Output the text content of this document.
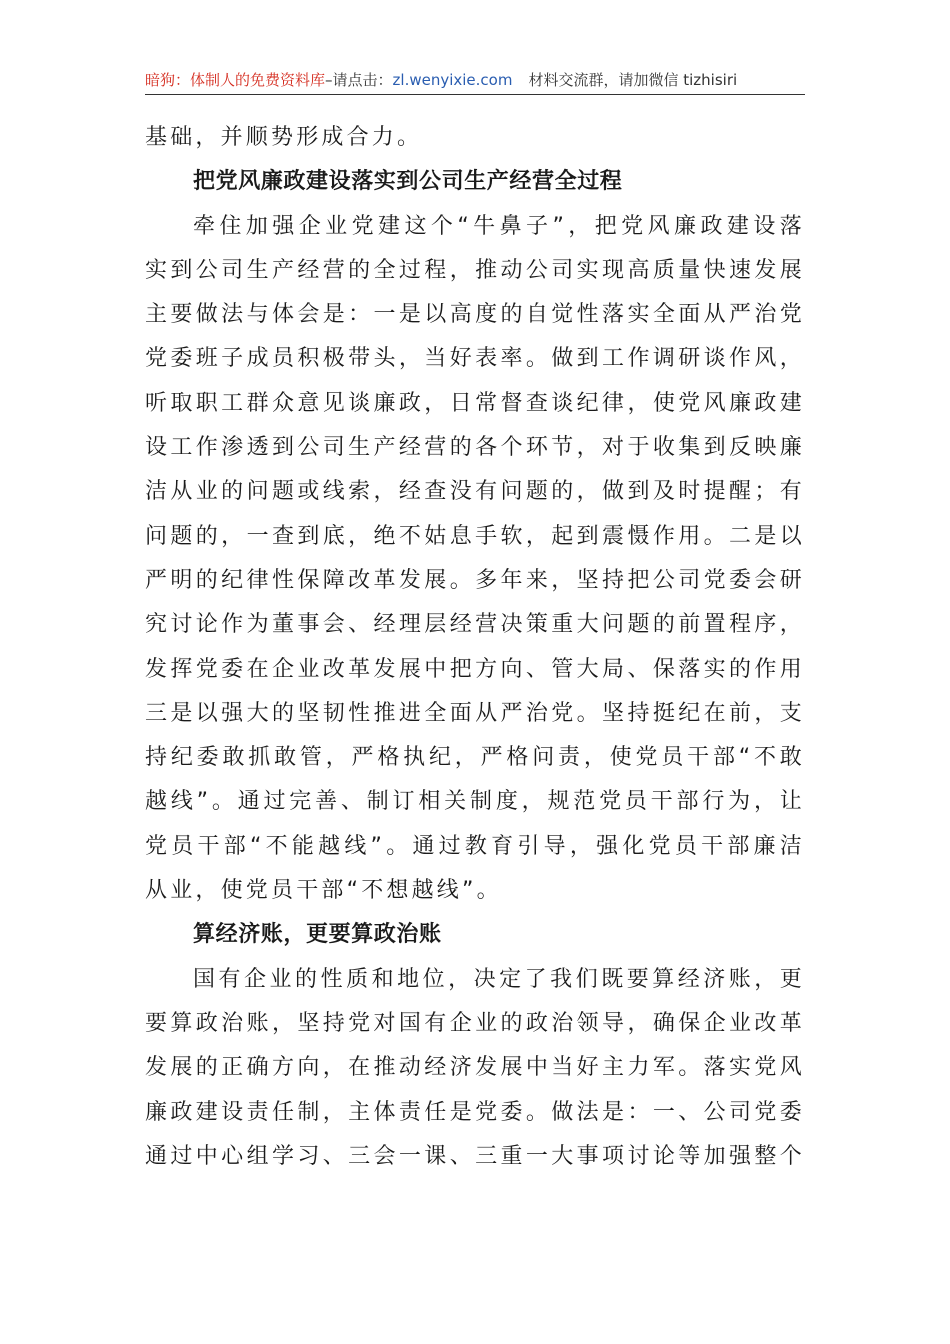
暗狗：体制人的免费资料库–请点击：zl.wenyixie.com 材料交流群，请加微信 tizhisiri
基础，并顺势形成合力。
把党风廉政建设落实到公司生产经营全过程
牵住加强企业党建这个“牛鼻子”，把党风廉政建设落
实到公司生产经营的全过程，推动公司实现高质量快速发展
主要做法与体会是：一是以高度的自觉性落实全面从严治党
党委班子成员积极带头，当好表率。做到工作调研谈作风，
听取职工群众意见谈廉政，日常督查谈纪律，使党风廉政建
设工作渗透到公司生产经营的各个环节，对于收集到反映廉
洁从业的问题或线索，经查没有问题的，做到及时提醒；有
问题的，一查到底，绝不姑息手软，起到震慑作用。二是以
严明的纪律性保障改革发展。多年来，坚持把公司党委会研
究讨论作为董事会、经理层经营决策重大问题的前置程序，
发挥党委在企业改革发展中把方向、管大局、保落实的作用
三是以强大的坚韧性推进全面从严治党。坚持挺纪在前，支
持纪委敢抓敢管，严格执纪，严格问责，使党员干部“不敢
越线”。通过完善、制订相关制度，规范党员干部行为，让
党员干部“不能越线”。通过教育引导，强化党员干部廉洁
从业，使党员干部“不想越线”。
算经济账，更要算政治账
国有企业的性质和地位，决定了我们既要算经济账，更
要算政治账，坚持党对国有企业的政治领导，确保企业改革
发展的正确方向，在推动经济发展中当好主力军。落实党风
廉政建设责任制，主体责任是党委。做法是：一、公司党委
通过中心组学习、三会一课、三重一大事项讨论等加强整个
